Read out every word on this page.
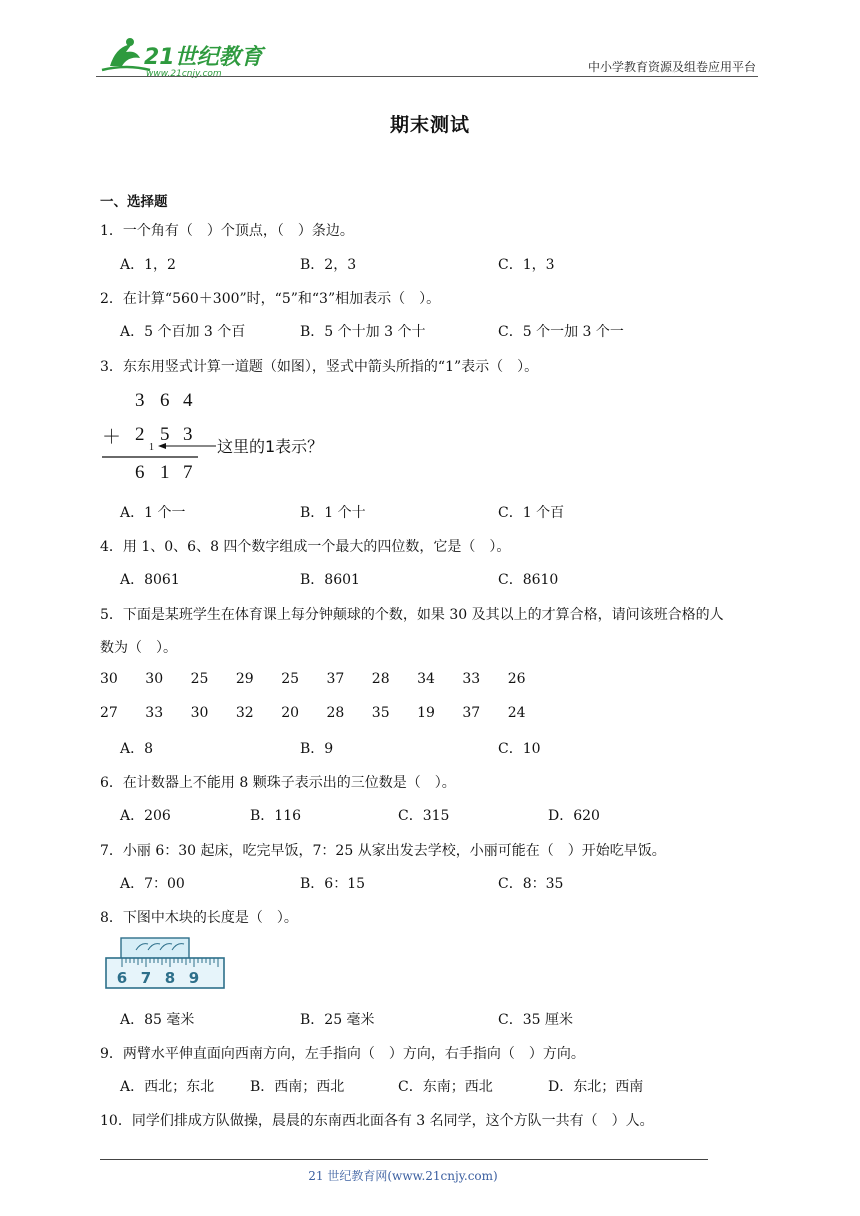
21世纪教育
www.21cnjy.com	中小学教育资源及组卷应用平台
期末测试
一、选择题
1．一个角有（　）个顶点，（　）条边。
A．1，2	B．2，3	C．1，3
2．在计算“560＋300”时，“5”和“3”相加表示（　）。
A．5 个百加 3 个百	B．5 个十加 3 个十	C．5 个一加 3 个一
3．东东用竖式计算一道题（如图），竖式中箭头所指的“1”表示（　）。
3 6 4
＋ 2 5 3
1
6 1 7
这里的1表示？
A．1 个一	B．1 个十	C．1 个百
4．用 1、0、6、8 四个数字组成一个最大的四位数，它是（　）。
A．8061	B．8601	C．8610
5．下面是某班学生在体育课上每分钟颠球的个数，如果 30 及其以上的才算合格，请问该班合格的人
数为（　）。
30 30 25 29 25 37 28 34 33 26
27 33 30 32 20 28 35 19 37 24
A．8	B．9	C．10
6．在计数器上不能用 8 颗珠子表示出的三位数是（　）。
A．206	B．116	C．315	D．620
7．小丽 6：30 起床，吃完早饭，7：25 从家出发去学校，小丽可能在（　）开始吃早饭。
A．7：00	B．6：15	C．8：35
8．下图中木块的长度是（　）。
6 7 8 9
A．85 毫米	B．25 毫米	C．35 厘米
9．两臂水平伸直面向西南方向，左手指向（　）方向，右手指向（　）方向。
A．西北；东北	B．西南；西北	C．东南；西北	D．东北；西南
10．同学们排成方队做操，晨晨的东南西北面各有 3 名同学，这个方队一共有（　）人。
21 世纪教育网(www.21cnjy.com)
